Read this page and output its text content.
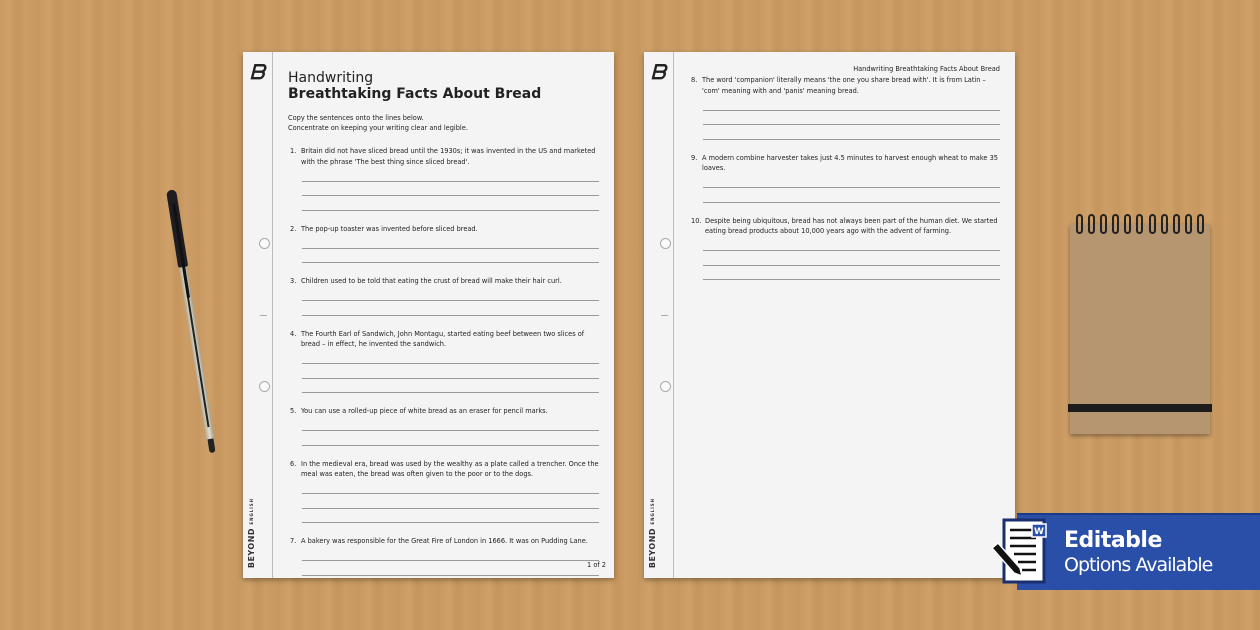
ᗷ
BEYOND ENGLISH
Handwriting
Breathtaking Facts About Bread
Copy the sentences onto the lines below.
Concentrate on keeping your writing clear and legible.
1. Britain did not have sliced bread until the 1930s; it was invented in the US and marketed with the phrase 'The best thing since sliced bread'.
2. The pop-up toaster was invented before sliced bread.
3. Children used to be told that eating the crust of bread will make their hair curl.
4. The Fourth Earl of Sandwich, John Montagu, started eating beef between two slices of bread – in effect, he invented the sandwich.
5. You can use a rolled-up piece of white bread as an eraser for pencil marks.
6. In the medieval era, bread was used by the wealthy as a plate called a trencher. Once the meal was eaten, the bread was often given to the poor or to the dogs.
7. A bakery was responsible for the Great Fire of London in 1666. It was on Pudding Lane.
1 of 2
ᗷ
BEYOND ENGLISH
Handwriting Breathtaking Facts About Bread
8. The word 'companion' literally means 'the one you share bread with'. It is from Latin – 'com' meaning with and 'panis' meaning bread.
9. A modern combine harvester takes just 4.5 minutes to harvest enough wheat to make 35 loaves.
10. Despite being ubiquitous, bread has not always been part of the human diet. We started eating bread products about 10,000 years ago with the advent of farming.
Editable
Options Available
W
